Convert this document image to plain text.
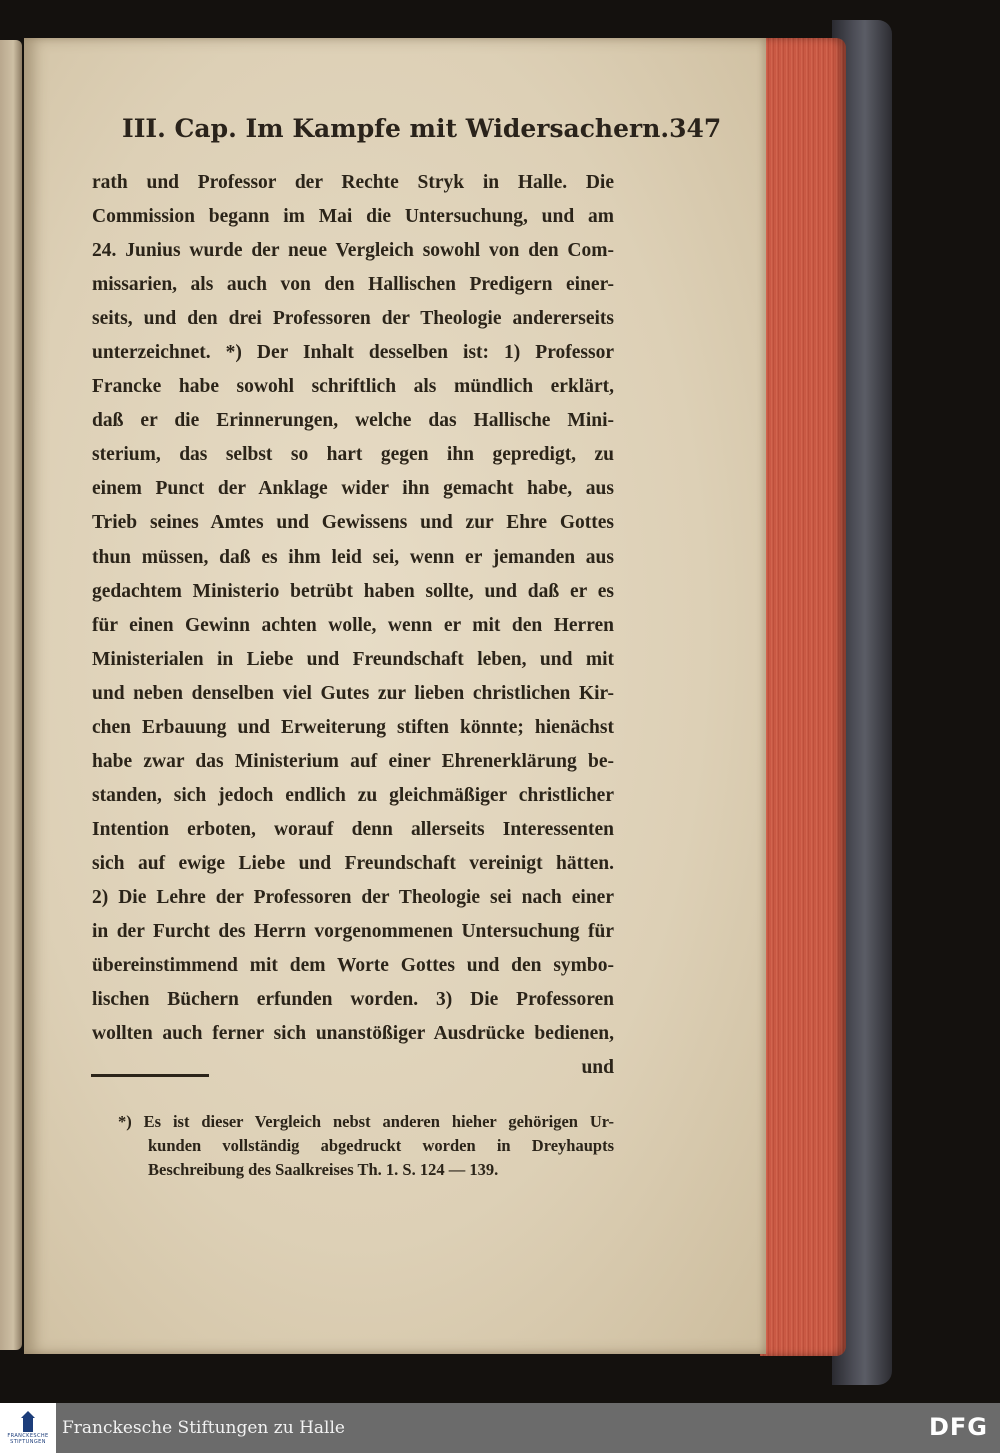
III. Cap. Im Kampfe mit Widersachern. 347
rath und Professor der Rechte Stryk in Halle. Die
Commission begann im Mai die Untersuchung, und am
24. Junius wurde der neue Vergleich sowohl von den Com-
missarien, als auch von den Hallischen Predigern einer-
seits, und den drei Professoren der Theologie andererseits
unterzeichnet. *) Der Inhalt desselben ist: 1) Professor
Francke habe sowohl schriftlich als mündlich erklärt,
daß er die Erinnerungen, welche das Hallische Mini-
sterium, das selbst so hart gegen ihn gepredigt, zu
einem Punct der Anklage wider ihn gemacht habe, aus
Trieb seines Amtes und Gewissens und zur Ehre Gottes
thun müssen, daß es ihm leid sei, wenn er jemanden aus
gedachtem Ministerio betrübt haben sollte, und daß er es
für einen Gewinn achten wolle, wenn er mit den Herren
Ministerialen in Liebe und Freundschaft leben, und mit
und neben denselben viel Gutes zur lieben christlichen Kir-
chen Erbauung und Erweiterung stiften könnte; hienächst
habe zwar das Ministerium auf einer Ehrenerklärung be-
standen, sich jedoch endlich zu gleichmäßiger christlicher
Intention erboten, worauf denn allerseits Interessenten
sich auf ewige Liebe und Freundschaft vereinigt hätten.
2) Die Lehre der Professoren der Theologie sei nach einer
in der Furcht des Herrn vorgenommenen Untersuchung für
übereinstimmend mit dem Worte Gottes und den symbo-
lischen Büchern erfunden worden. 3) Die Professoren
wollten auch ferner sich unanstößiger Ausdrücke bedienen,
und
*) Es ist dieser Vergleich nebst anderen hieher gehörigen Ur-
kunden vollständig abgedruckt worden in Dreyhaupts
Beschreibung des Saalkreises Th. 1. S. 124 — 139.
FRANCKESCHE STIFTUNGEN
Franckesche Stiftungen zu Halle	DFG
